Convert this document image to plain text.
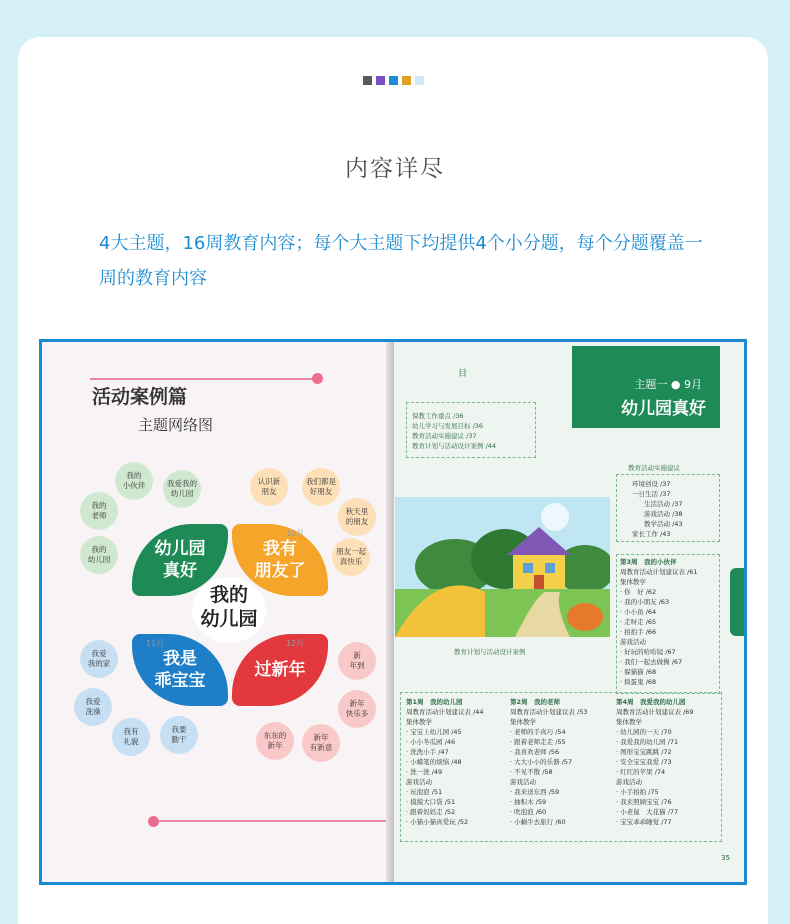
内容详尽
4大主题，16周教育内容；每个大主题下均提供4个小分题，每个分题覆盖一周的教育内容
活动案例篇
主题网络图
幼儿园
真好
我有
朋友了
我是
乖宝宝
过新年
10月
11月	12月
我的
幼儿园
我的
小伙伴	我爱我的
幼儿园
我的
老师
我的
幼儿园
认识新
朋友
我们都是
好朋友
秋天里
的朋友
朋友一起
真快乐
我爱
我的家
我爱
洗澡
我有
礼貌
我要
勤干
新
年到
新年
快乐多
东东的
新年
新年
有新意
主题一 ● 9月
幼儿园真好
目
保教工作重点 /36
幼儿学习与发展目标 /36
教育活动实施建议 /37
教育计划与活动设计案例 /44
教育活动实施建议
环境创设 /37
一日生活 /37
生活活动 /37
游戏活动 /38
教学活动 /43
家长工作 /43
第3周　我的小伙伴
周教育活动计划建议表 /61
集体教学
· 你　好 /62
· 我的小朋友 /63
· 小小鱼 /64
· 走呀走 /65
· 拍拍手 /66
游戏活动
· 好玩的哈哈镜 /67
· 我们一起去做操 /67
· 躲猫猫 /68
· 捣蛋鬼 /68
教育计划与活动设计案例
第1周　我的幼儿园
周教育活动计划建议表 /44
集体教学
· 宝宝上幼儿园 /45
· 小小冬瓜园 /46
· 洗洗小手 /47
· 小蜡笔的烦恼 /48
· 洗一洗 /49
游戏活动
· 玩泡泡 /51
· 摸摸大口袋 /51
· 跟着妈妈走 /52
· 小猫小猫真爱玩 /52
第2周　我的老师
周教育活动计划建议表 /53
集体教学
· 老师的手真巧 /54
· 跟着老师走走 /55
· 我喜欢老师 /56
· 大大小小的乐器 /57
· 不见不散 /58
游戏活动
· 我来送东西 /59
· 抽积木 /59
· 吹泡泡 /60
· 小蜗牛去旅行 /60
第4周　我爱我的幼儿园
周教育活动计划建议表 /69
集体教学
· 幼儿园的一天 /70
· 我爱我的幼儿园 /71
· 图形宝宝跳跳 /72
· 安全宝宝我爱 /73
· 红红的苹果 /74
游戏活动
· 小手拍拍 /75
· 我来照顾宝宝 /76
· 小老鼠　大花猫 /77
· 宝宝乖乖睡觉 /77
35
